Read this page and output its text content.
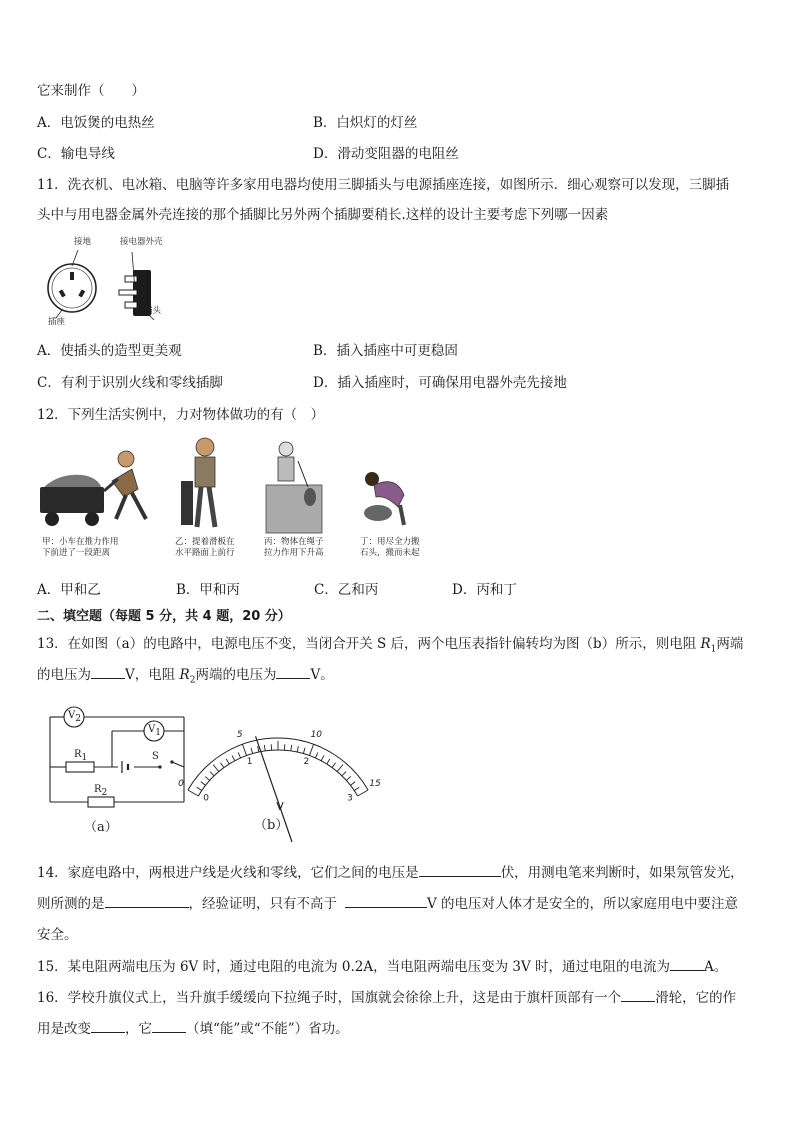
它来制作（　　）
A．电饭煲的电热丝	B．白炽灯的灯丝
C．输电导线	D．滑动变阻器的电阻丝
11．洗衣机、电冰箱、电脑等许多家用电器均使用三脚插头与电源插座连接，如图所示．细心观察可以发现，三脚插
头中与用电器金属外壳连接的那个插脚比另外两个插脚要稍长.这样的设计主要考虑下列哪一因素
接地	接电器外壳
插座
插头
A．使插头的造型更美观	B．插入插座中可更稳固
C．有利于识别火线和零线插脚	D．插入插座时，可确保用电器外壳先接地
12．下列生活实例中，力对物体做功的有（　）
甲：小车在推力作用
下前进了一段距离
乙：提着滑板在
水平路面上前行
丙：物体在绳子
拉力作用下升高
丁：用尽全力搬
石头，搬而未起
A．甲和乙	B．甲和丙	C．乙和丙	D．丙和丁
二、填空题（每题 5 分，共 4 题，20 分）
13．在如图（a）的电路中，电源电压不变，当闭合开关 S 后，两个电压表指针偏转均为图（b）所示，则电阻 $R_1$两端
的电压为	V，电阻 $R_2$两端的电压为	V。
$V_2$
$V_1$
$R_1$	S
$R_2$
（a）
0
5	10
15
0
1	2
3
V
（b）
14．家庭电路中，两根进户线是火线和零线，它们之间的电压是	伏，用测电笔来判断时，如果氖管发光，
则所测的是	，经验证明，只有不高于	V 的电压对人体才是安全的，所以家庭用电中要注意
安全。
15．某电阻两端电压为 6V 时，通过电阻的电流为 0.2A，当电阻两端电压变为 3V 时，通过电阻的电流为	A。
16．学校升旗仪式上，当升旗手缓缓向下拉绳子时，国旗就会徐徐上升，这是由于旗杆顶部有一个	滑轮，它的作
用是改变	，它	（填“能”或“不能”）省功。
